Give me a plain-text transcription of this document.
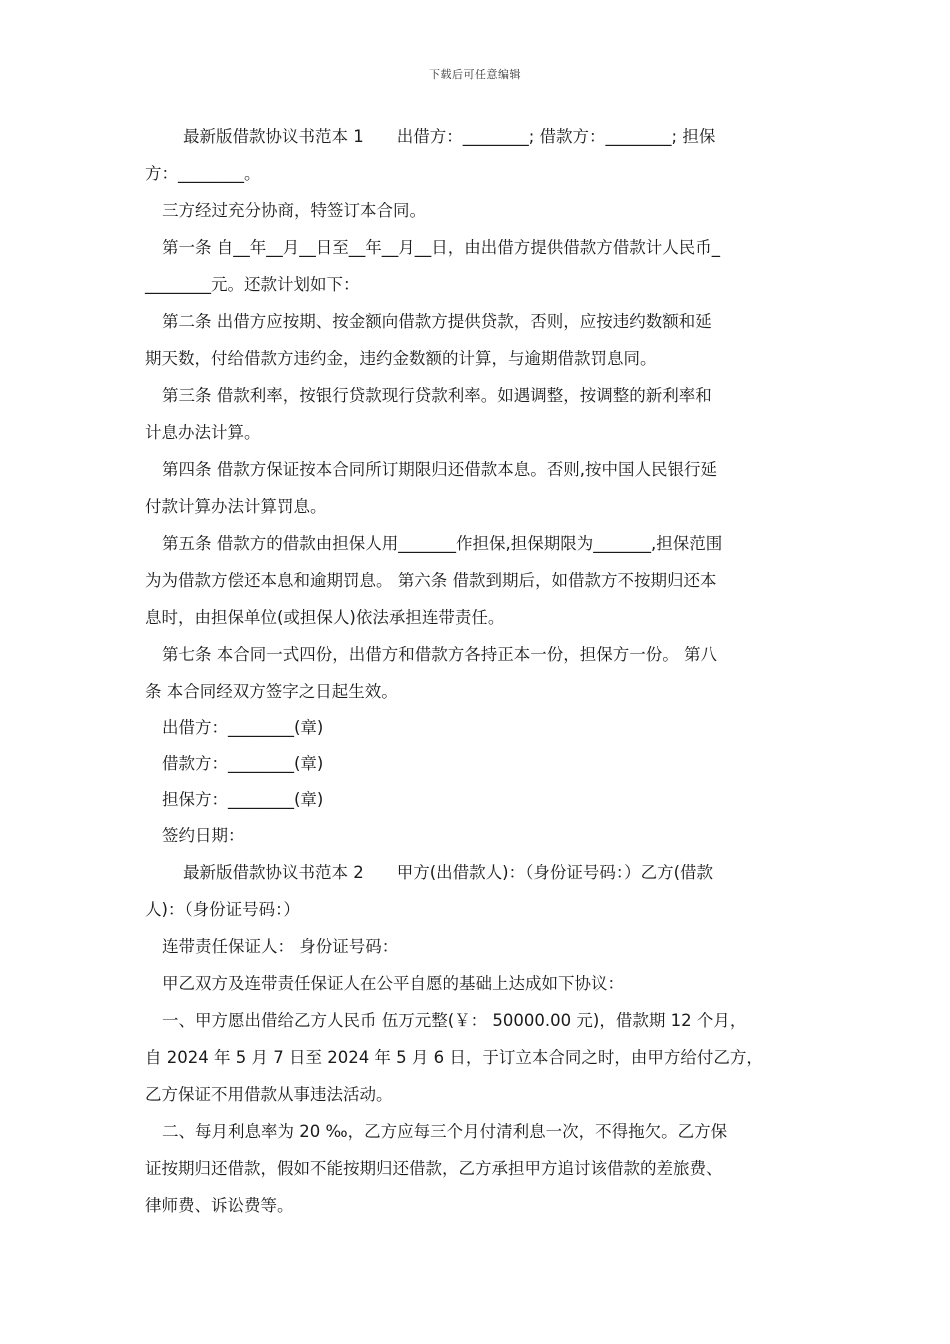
下载后可任意编辑

最新版借款协议书范本 1　　出借方：________; 借款方：________; 担保
方：________。

三方经过充分协商，特签订本合同。

第一条 自__年__月__日至__年__月__日，由出借方提供借款方借款计人民币_
________元。还款计划如下：

第二条 出借方应按期、按金额向借款方提供贷款，否则，应按违约数额和延
期天数，付给借款方违约金，违约金数额的计算，与逾期借款罚息同。

第三条 借款利率，按银行贷款现行贷款利率。如遇调整，按调整的新利率和
计息办法计算。

第四条 借款方保证按本合同所订期限归还借款本息。否则,按中国人民银行延
付款计算办法计算罚息。

第五条 借款方的借款由担保人用_______作担保,担保期限为_______,担保范围
为为借款方偿还本息和逾期罚息。 第六条 借款到期后，如借款方不按期归还本
息时，由担保单位(或担保人)依法承担连带责任。

第七条 本合同一式四份，出借方和借款方各持正本一份，担保方一份。 第八
条 本合同经双方签字之日起生效。

出借方：________(章)

借款方：________(章)

担保方：________(章)

签约日期：

最新版借款协议书范本 2　　甲方(出借款人)：（身份证号码：）乙方(借款
人)：（身份证号码：）

连带责任保证人： 身份证号码：

甲乙双方及连带责任保证人在公平自愿的基础上达成如下协议：

一、甲方愿出借给乙方人民币 伍万元整(￥： 50000.00 元)，借款期 12 个月，
自 2024 年 5 月 7 日至 2024 年 5 月 6 日，于订立本合同之时，由甲方给付乙方，
乙方保证不用借款从事违法活动。

二、每月利息率为 20 ‰，乙方应每三个月付清利息一次，不得拖欠。乙方保
证按期归还借款，假如不能按期归还借款，乙方承担甲方追讨该借款的差旅费、
律师费、诉讼费等。
